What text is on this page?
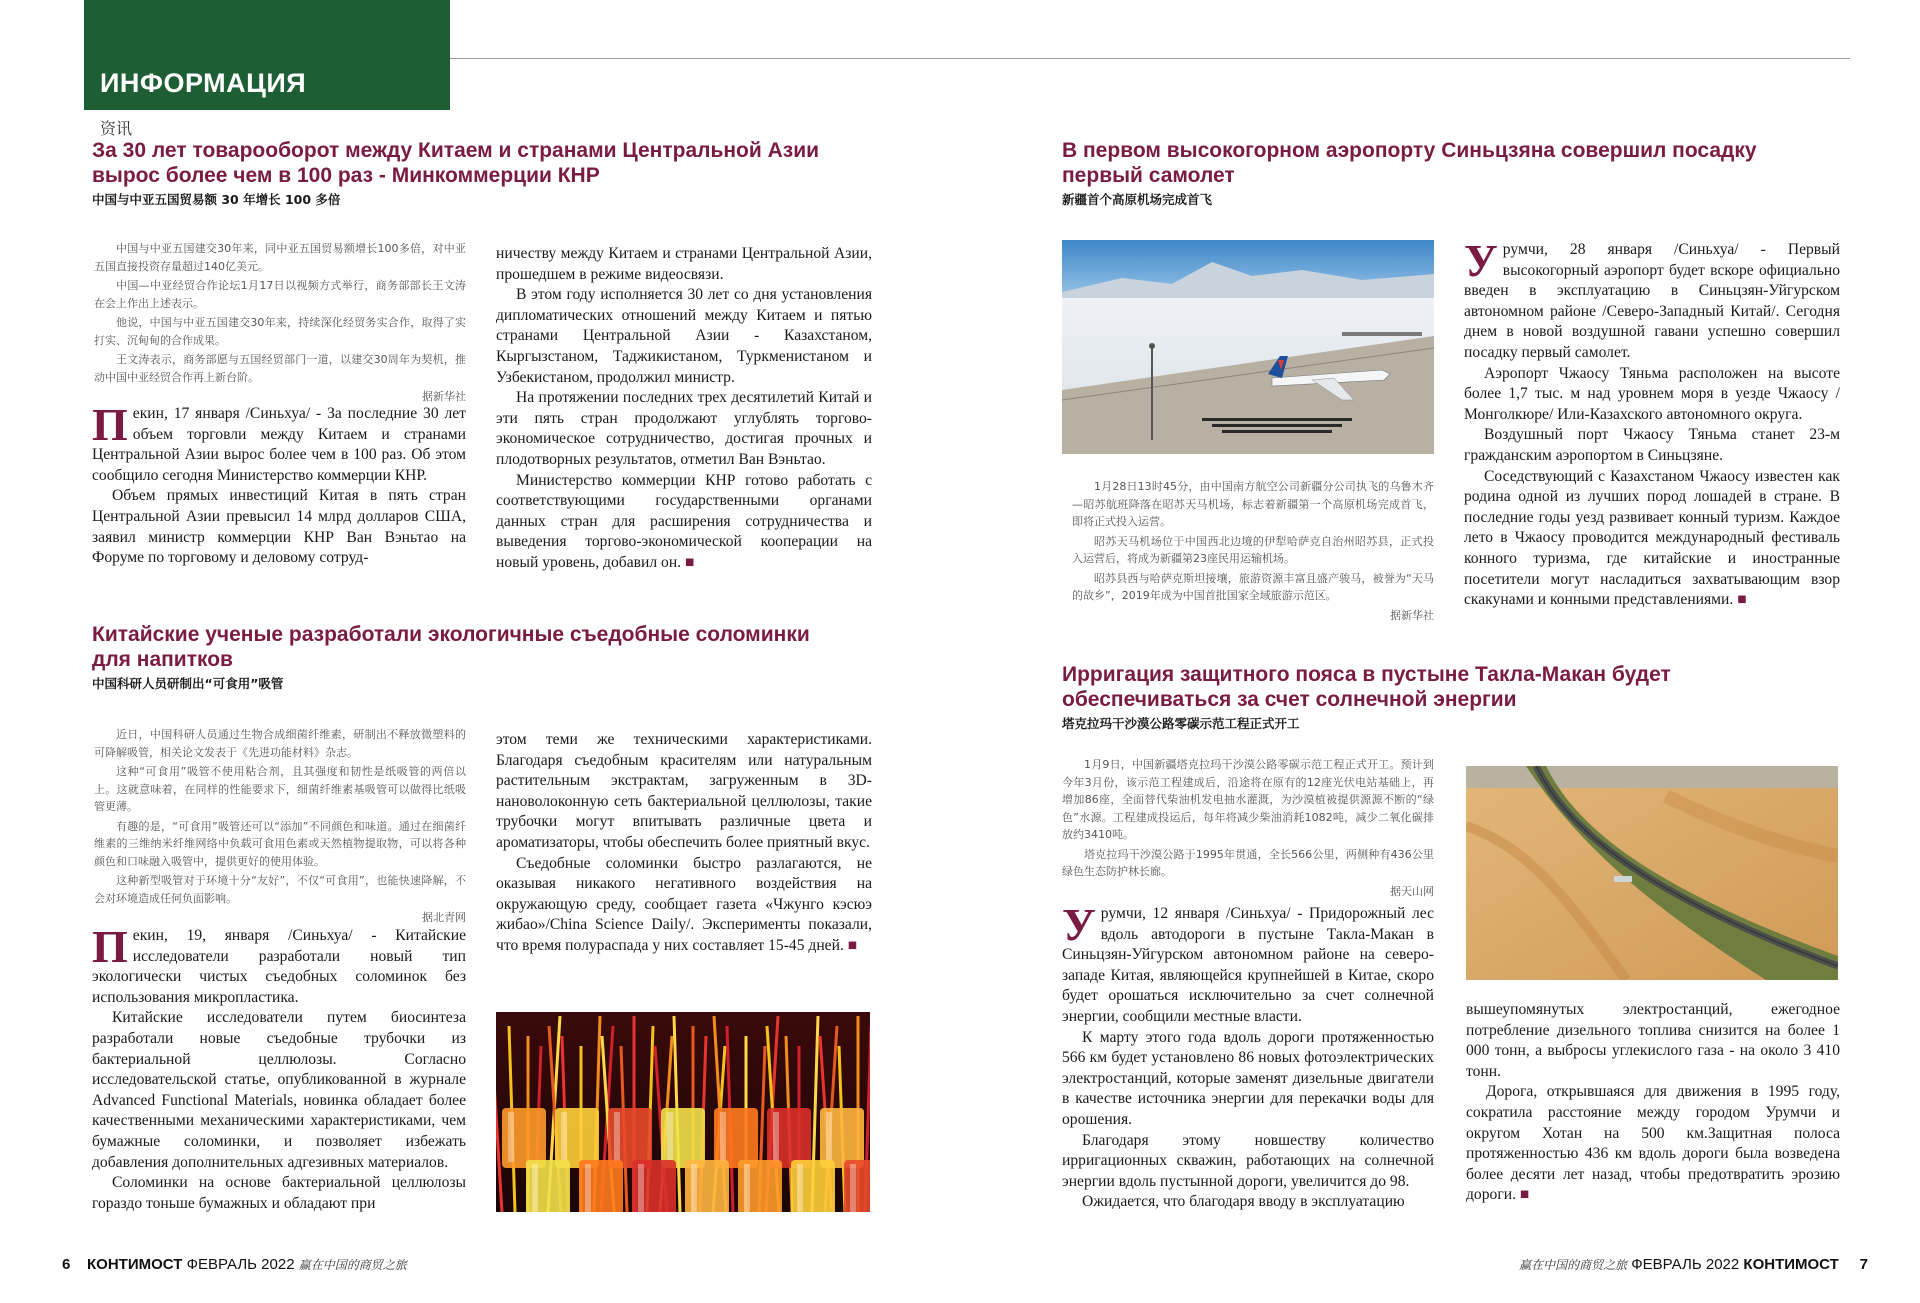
ИНФОРМАЦИЯ
资讯
За 30 лет товарооборот между Китаем и странами Центральной Азии вырос более чем в 100 раз - Минкоммерции КНР
中国与中亚五国贸易额 30 年增长 100 多倍

中国与中亚五国建交30年来，同中亚五国贸易额增长100多倍，对中亚五国直接投资存量超过140亿美元。

中国—中亚经贸合作论坛1月17日以视频方式举行，商务部部长王文涛在会上作出上述表示。

他说，中国与中亚五国建交30年来，持续深化经贸务实合作，取得了实打实、沉甸甸的合作成果。

王文涛表示，商务部愿与五国经贸部门一道，以建交30周年为契机，推动中国中亚经贸合作再上新台阶。

据新华社

Пекин, 17 января /Синьхуа/ - За последние 30 лет объем торговли между Китаем и странами Центральной Азии вырос более чем в 100 раз. Об этом сообщило сегодня Министерство коммерции КНР.

Объем прямых инвестиций Китая в пять стран Центральной Азии превысил 14 млрд долларов США, заявил министр коммерции КНР Ван Вэньтао на Форуме по торговому и деловому сотруд-

ничеству между Китаем и странами Центральной Азии, прошедшем в режиме видеосвязи.

В этом году исполняется 30 лет со дня установления дипломатических отношений между Китаем и пятью странами Центральной Азии - Казахстаном, Кыргызстаном, Таджикистаном, Туркменистаном и Узбекистаном, продолжил министр.

На протяжении последних трех десятилетий Китай и эти пять стран продолжают углублять торгово-экономическое сотрудничество, достигая прочных и плодотворных результатов, отметил Ван Вэньтао.

Министерство коммерции КНР готово работать с соответствующими государственными органами данных стран для расширения сотрудничества и выведения торгово-экономической кооперации на новый уровень, добавил он. ■

Китайские ученые разработали экологичные съедобные соломинки для напитков
中国科研人员研制出“可食用”吸管

近日，中国科研人员通过生物合成细菌纤维素，研制出不释放微塑料的可降解吸管，相关论文发表于《先进功能材料》杂志。

这种“可食用”吸管不使用粘合剂，且其强度和韧性是纸吸管的两倍以上。这就意味着，在同样的性能要求下，细菌纤维素基吸管可以做得比纸吸管更薄。

有趣的是，“可食用”吸管还可以“添加”不同颜色和味道。通过在细菌纤维素的三维纳米纤维网络中负载可食用色素或天然植物提取物，可以将各种颜色和口味融入吸管中，提供更好的使用体验。

这种新型吸管对于环境十分“友好”，不仅“可食用”，也能快速降解，不会对环境造成任何负面影响。

据北青网

Пекин, 19, января /Синьхуа/ - Китайские исследователи разработали новый тип экологически чистых съедобных соломинок без использования микропластика.

Китайские исследователи путем биосинтеза разработали новые съедобные трубочки из бактериальной целлюлозы. Согласно исследовательской статье, опубликованной в журнале Advanced Functional Materials, новинка обладает более качественными механическими характеристиками, чем бумажные соломинки, и позволяет избежать добавления дополнительных адгезивных материалов.

Соломинки на основе бактериальной целлюлозы гораздо тоньше бумажных и обладают при

этом теми же техническими характеристиками. Благодаря съедобным красителям или натуральным растительным экстрактам, загруженным в 3D-нановолоконную сеть бактериальной целлюлозы, такие трубочки могут впитывать различные цвета и ароматизаторы, чтобы обеспечить более приятный вкус.

Съедобные соломинки быстро разлагаются, не оказывая никакого негативного воздействия на окружающую среду, сообщает газета «Чжунго кэсюэ жибао»/China Science Daily/. Эксперименты показали, что время полураспада у них составляет 15-45 дней. ■

В первом высокогорном аэропорту Синьцзяна совершил посадку первый самолет
新疆首个高原机场完成首飞

1月28日13时45分，由中国南方航空公司新疆分公司执飞的乌鲁木齐—昭苏航班降落在昭苏天马机场，标志着新疆第一个高原机场完成首飞，即将正式投入运营。

昭苏天马机场位于中国西北边境的伊犁哈萨克自治州昭苏县，正式投入运营后，将成为新疆第23座民用运输机场。

昭苏县西与哈萨克斯坦接壤，旅游资源丰富且盛产骏马，被誉为“天马的故乡”，2019年成为中国首批国家全域旅游示范区。

据新华社

Урумчи, 28 января /Синьхуа/ - Первый высокогорный аэропорт будет вскоре официально введен в эксплуатацию в Синьцзян-Уйгурском автономном районе /Северо-Западный Китай/. Сегодня днем в новой воздушной гавани успешно совершил посадку первый самолет.

Аэропорт Чжаосу Тяньма расположен на высоте более 1,7 тыс. м над уровнем моря в уезде Чжаосу / Монголкюре/ Или-Казахского автономного округа.

Воздушный порт Чжаосу Тяньма станет 23-м гражданским аэропортом в Синьцзяне.

Соседствующий с Казахстаном Чжаосу известен как родина одной из лучших пород лошадей в стране. В последние годы уезд развивает конный туризм. Каждое лето в Чжаосу проводится международный фестиваль конного туризма, где китайские и иностранные посетители могут насладиться захватывающим взор скакунами и конными представлениями. ■

Ирригация защитного пояса в пустыне Такла-Макан будет обеспечиваться за счет солнечной энергии
塔克拉玛干沙漠公路零碳示范工程正式开工

1月9日，中国新疆塔克拉玛干沙漠公路零碳示范工程正式开工。预计到今年3月份，该示范工程建成后，沿途将在原有的12座光伏电站基础上，再增加86座，全面替代柴油机发电抽水灌溉，为沙漠植被提供源源不断的“绿色”水源。工程建成投运后，每年将减少柴油消耗1082吨，减少二氧化碳排放约3410吨。

塔克拉玛干沙漠公路于1995年贯通，全长566公里，两侧种有436公里绿色生态防护林长廊。

据天山网

Урумчи, 12 января /Синьхуа/ - Придорожный лес вдоль автодороги в пустыне Такла-Макан в Синьцзян-Уйгурском автономном районе на северо-западе Китая, являющейся крупнейшей в Китае, скоро будет орошаться исключительно за счет солнечной энергии, сообщили местные власти.

К марту этого года вдоль дороги протяженностью 566 км будет установлено 86 новых фотоэлектрических электростанций, которые заменят дизельные двигатели в качестве источника энергии для перекачки воды для орошения.

Благодаря этому новшеству количество ирригационных скважин, работающих на солнечной энергии вдоль пустынной дороги, увеличится до 98.

Ожидается, что благодаря вводу в эксплуатацию

вышеупомянутых электростанций, ежегодное потребление дизельного топлива снизится на более 1 000 тонн, а выбросы углекислого газа - на около 3 410 тонн.

Дорога, открывшаяся для движения в 1995 году, сократила расстояние между городом Урумчи и округом Хотан на 500 км.Защитная полоса протяженностью 436 км вдоль дороги была возведена более десяти лет назад, чтобы предотвратить эрозию дороги. ■

6 КОНТИМОСТ ФЕВРАЛЬ 2022 赢在中国的商贸之旅	赢在中国的商贸之旅 ФЕВРАЛЬ 2022 КОНТИМОСТ 7
